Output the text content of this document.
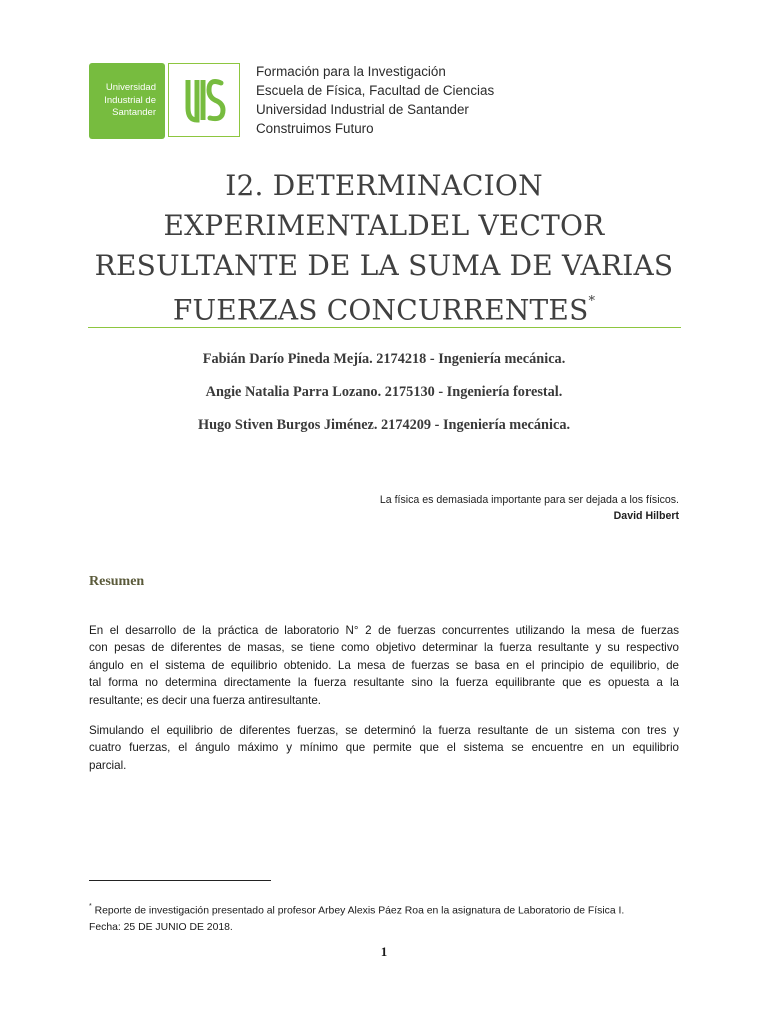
Universidad
Industrial de
Santander
Formación para la Investigación
Escuela de Física, Facultad de Ciencias
Universidad Industrial de Santander
Construimos Futuro
I2. DETERMINACION
EXPERIMENTALDEL VECTOR
RESULTANTE DE LA SUMA DE VARIAS
FUERZAS CONCURRENTES*
Fabián Darío Pineda Mejía. 2174218 - Ingeniería mecánica.
Angie Natalia Parra Lozano. 2175130 - Ingeniería forestal.
Hugo Stiven Burgos Jiménez. 2174209 - Ingeniería mecánica.
La física es demasiada importante para ser dejada a los físicos.
David Hilbert
Resumen
En el desarrollo de la práctica de laboratorio N° 2 de fuerzas concurrentes utilizando la mesa de fuerzas
con pesas de diferentes de masas, se tiene como objetivo determinar la fuerza resultante y su respectivo
ángulo en el sistema de equilibrio obtenido. La mesa de fuerzas se basa en el principio de equilibrio, de
tal forma no determina directamente la fuerza resultante sino la fuerza equilibrante que es opuesta a la
resultante; es decir una fuerza antiresultante.
Simulando el equilibrio de diferentes fuerzas, se determinó la fuerza resultante de un sistema con tres y
cuatro fuerzas, el ángulo máximo y mínimo que permite que el sistema se encuentre en un equilibrio
parcial.
* Reporte de investigación presentado al profesor Arbey Alexis Páez Roa en la asignatura de Laboratorio de Física I.
Fecha: 25 DE JUNIO DE 2018.
1
